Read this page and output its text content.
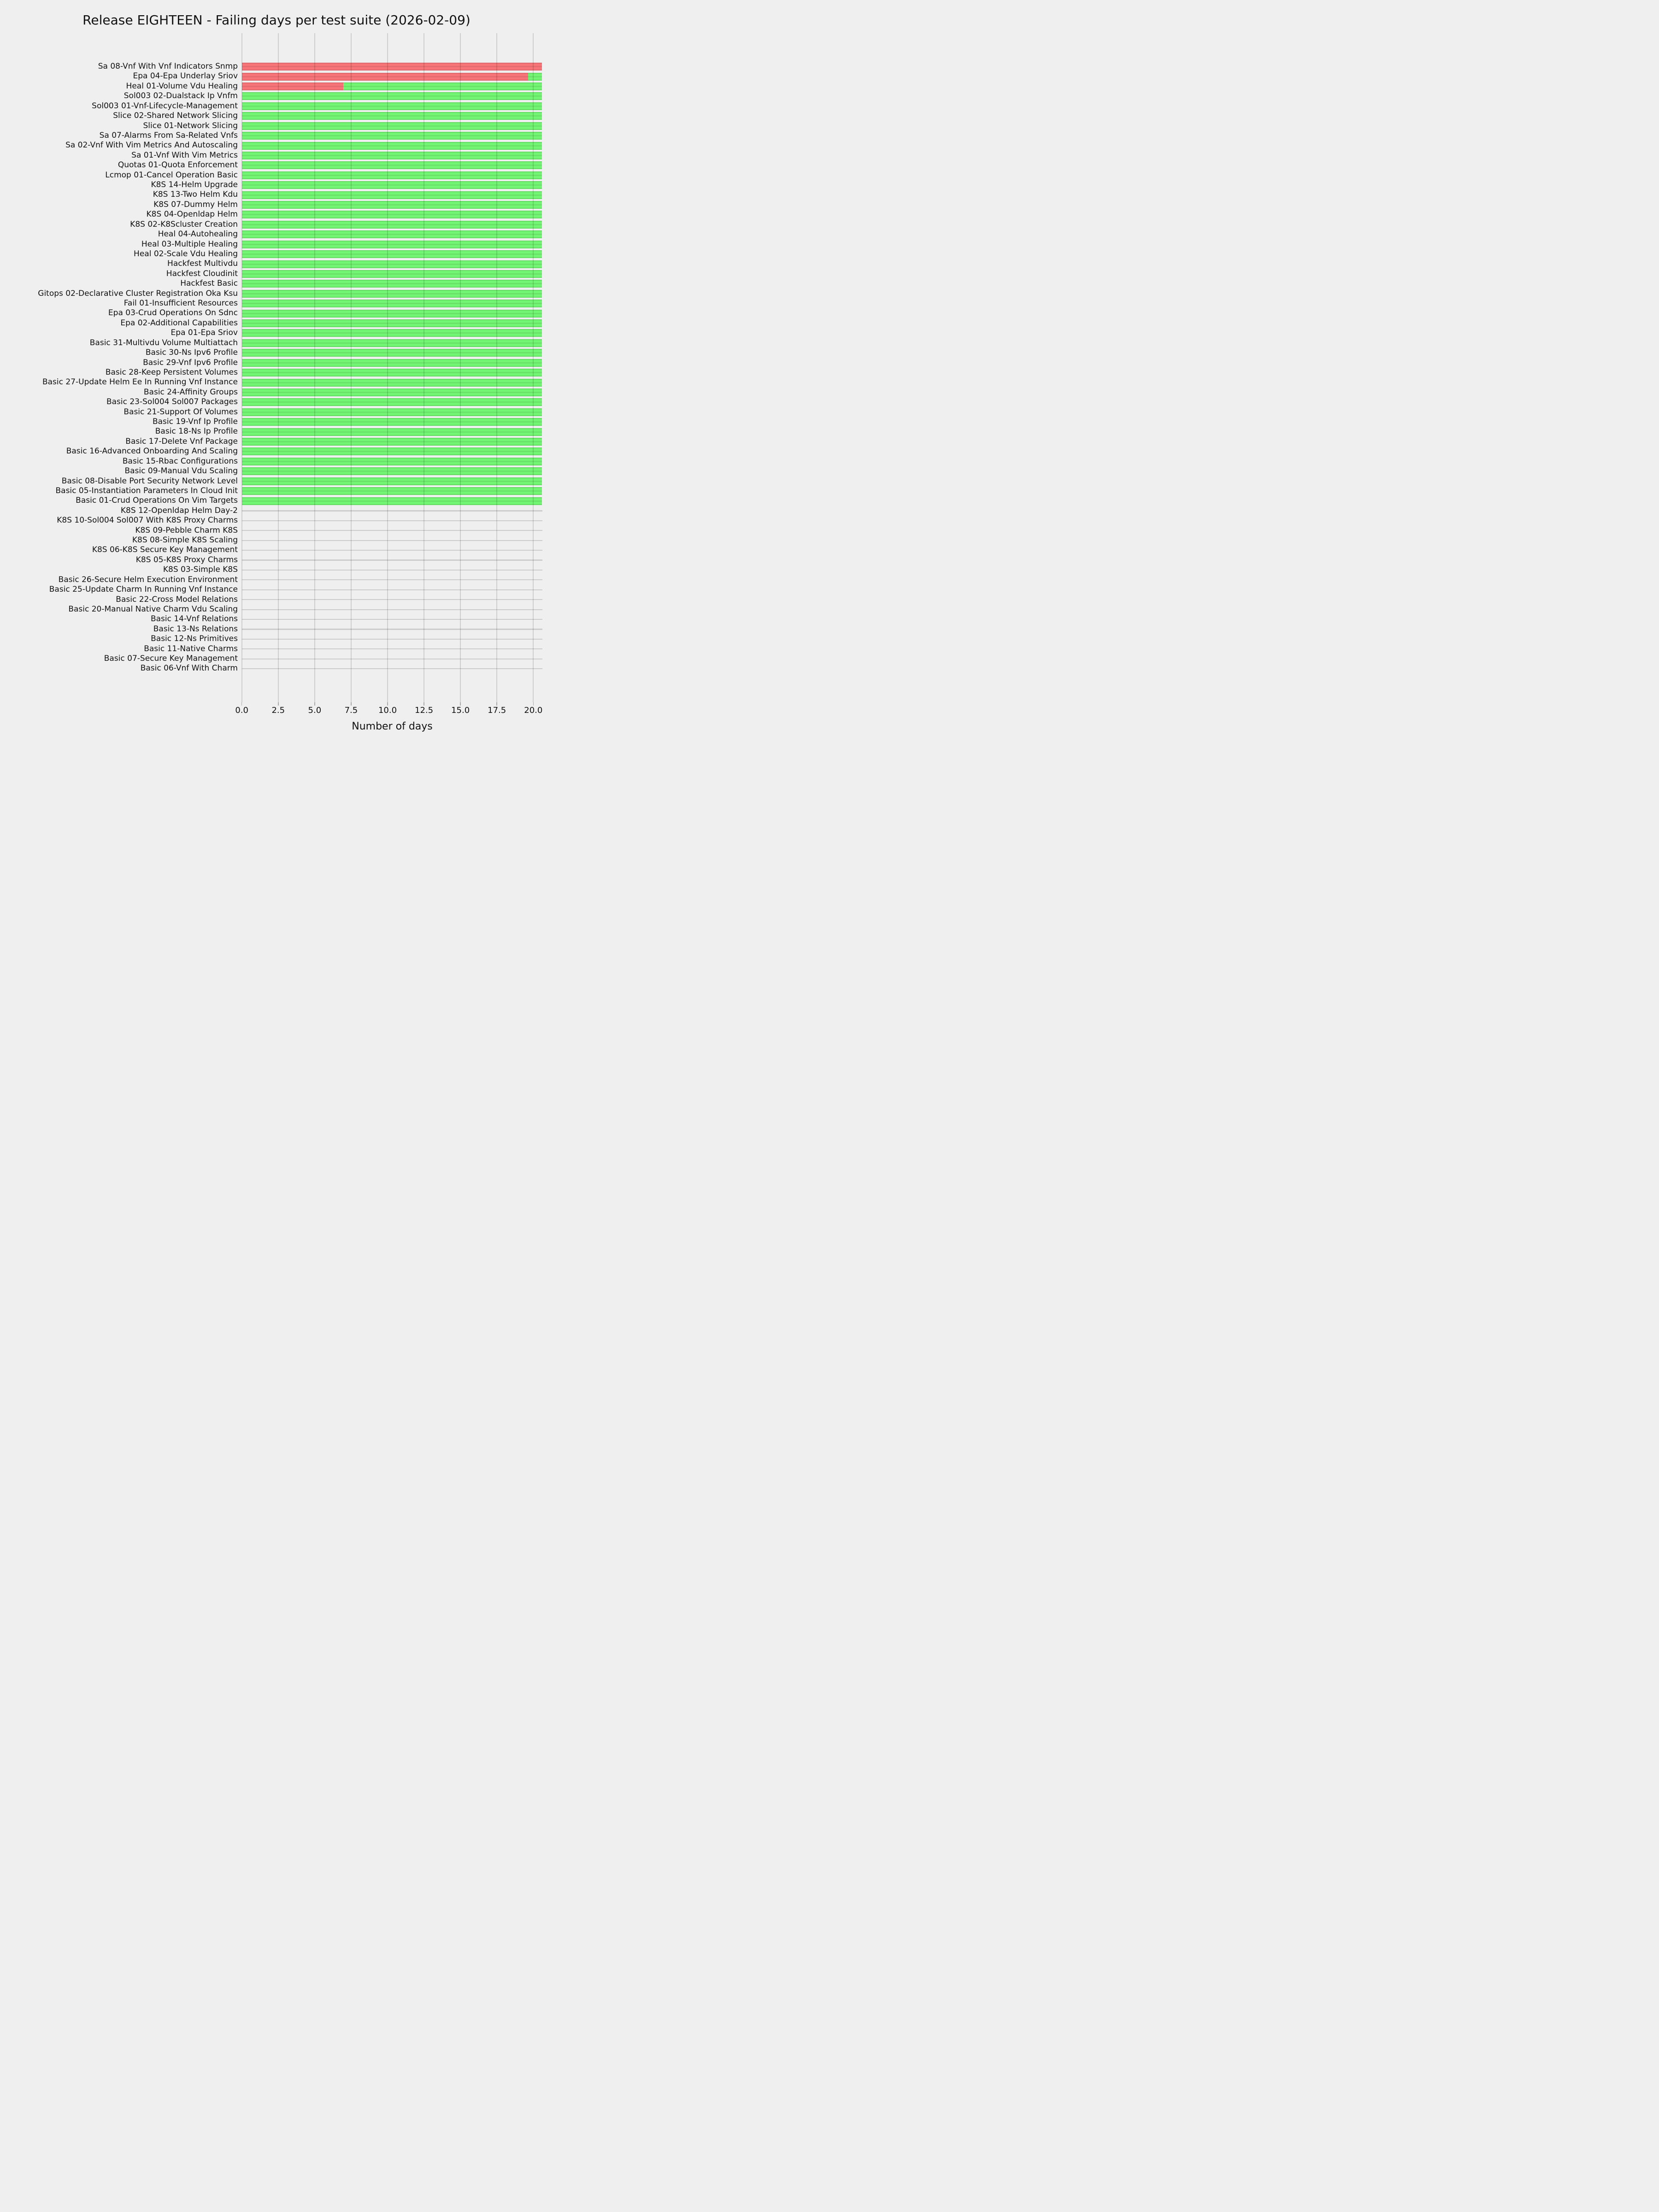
Release EIGHTEEN - Failing days per test suite (2026-02-09)
Sa 08-Vnf With Vnf Indicators Snmp
Epa 04-Epa Underlay Sriov
Heal 01-Volume Vdu Healing
Sol003 02-Dualstack Ip Vnfm
Sol003 01-Vnf-Lifecycle-Management
Slice 02-Shared Network Slicing
Slice 01-Network Slicing
Sa 07-Alarms From Sa-Related Vnfs
Sa 02-Vnf With Vim Metrics And Autoscaling
Sa 01-Vnf With Vim Metrics
Quotas 01-Quota Enforcement
Lcmop 01-Cancel Operation Basic
K8S 14-Helm Upgrade
K8S 13-Two Helm Kdu
K8S 07-Dummy Helm
K8S 04-Openldap Helm
K8S 02-K8Scluster Creation
Heal 04-Autohealing
Heal 03-Multiple Healing
Heal 02-Scale Vdu Healing
Hackfest Multivdu
Hackfest Cloudinit
Hackfest Basic
Gitops 02-Declarative Cluster Registration Oka Ksu
Fail 01-Insufficient Resources
Epa 03-Crud Operations On Sdnc
Epa 02-Additional Capabilities
Epa 01-Epa Sriov
Basic 31-Multivdu Volume Multiattach
Basic 30-Ns Ipv6 Profile
Basic 29-Vnf Ipv6 Profile
Basic 28-Keep Persistent Volumes
Basic 27-Update Helm Ee In Running Vnf Instance
Basic 24-Affinity Groups
Basic 23-Sol004 Sol007 Packages
Basic 21-Support Of Volumes
Basic 19-Vnf Ip Profile
Basic 18-Ns Ip Profile
Basic 17-Delete Vnf Package
Basic 16-Advanced Onboarding And Scaling
Basic 15-Rbac Configurations
Basic 09-Manual Vdu Scaling
Basic 08-Disable Port Security Network Level
Basic 05-Instantiation Parameters In Cloud Init
Basic 01-Crud Operations On Vim Targets
K8S 12-Openldap Helm Day-2
K8S 10-Sol004 Sol007 With K8S Proxy Charms
K8S 09-Pebble Charm K8S
K8S 08-Simple K8S Scaling
K8S 06-K8S Secure Key Management
K8S 05-K8S Proxy Charms
K8S 03-Simple K8S
Basic 26-Secure Helm Execution Environment
Basic 25-Update Charm In Running Vnf Instance
Basic 22-Cross Model Relations
Basic 20-Manual Native Charm Vdu Scaling
Basic 14-Vnf Relations
Basic 13-Ns Relations
Basic 12-Ns Primitives
Basic 11-Native Charms
Basic 07-Secure Key Management
Basic 06-Vnf With Charm
0.0	2.5	5.0	7.5	10.0	12.5	15.0	17.5	20.0
Number of days
